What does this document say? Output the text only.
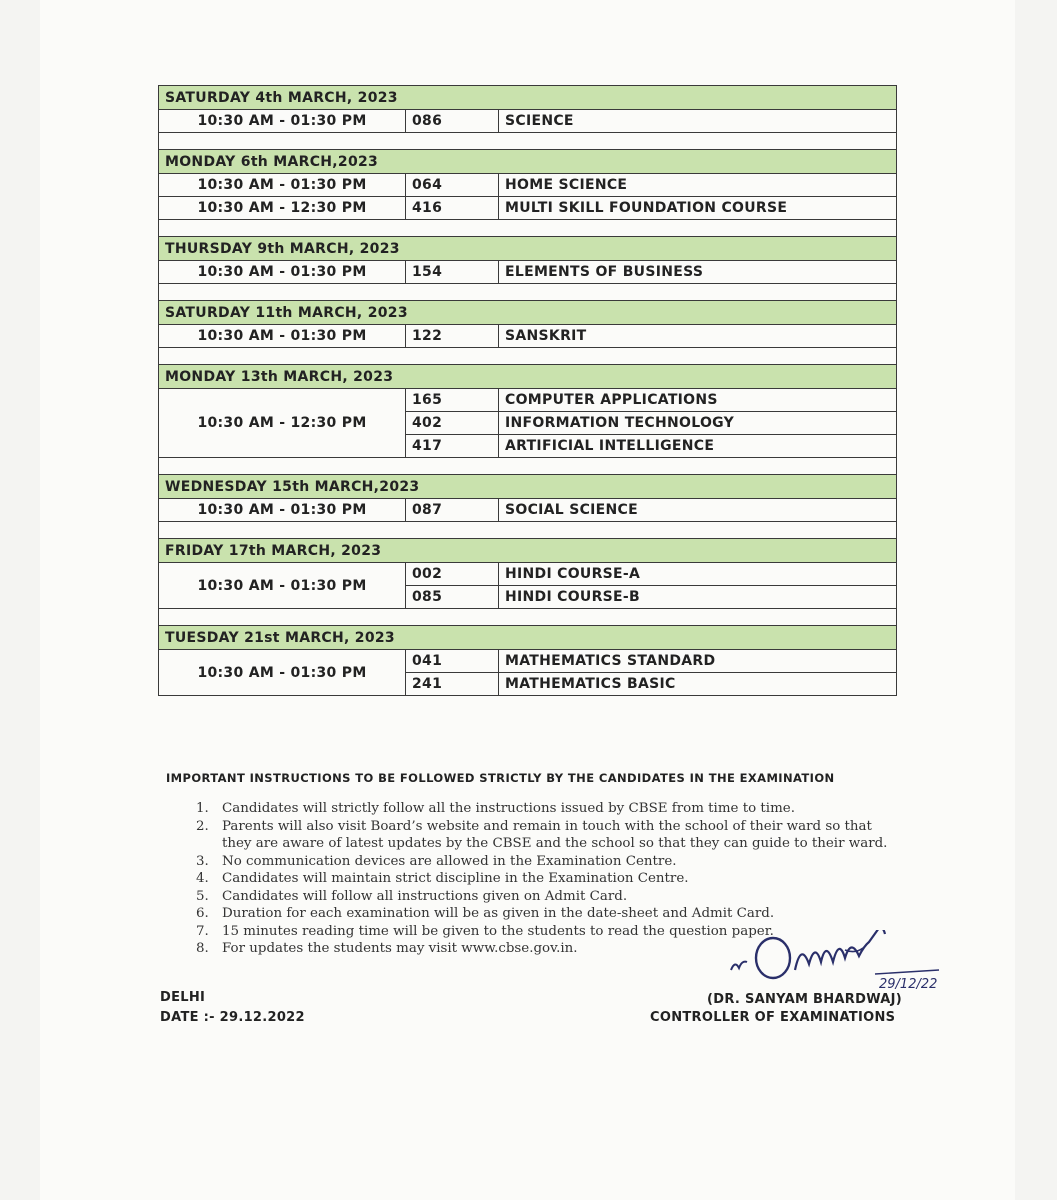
SATURDAY 4th MARCH, 2023		
10:30 AM - 01:30 PM	086	SCIENCE

MONDAY 6th MARCH,2023		
10:30 AM - 01:30 PM	064	HOME SCIENCE
10:30 AM - 12:30 PM	416	MULTI SKILL FOUNDATION COURSE

THURSDAY 9th MARCH, 2023		
10:30 AM - 01:30 PM	154	ELEMENTS OF BUSINESS

SATURDAY 11th MARCH, 2023		
10:30 AM - 01:30 PM	122	SANSKRIT

MONDAY 13th MARCH, 2023		
10:30 AM - 12:30 PM	165	COMPUTER APPLICATIONS
	402	INFORMATION TECHNOLOGY
	417	ARTIFICIAL INTELLIGENCE

WEDNESDAY 15th MARCH,2023		
10:30 AM - 01:30 PM	087	SOCIAL SCIENCE

FRIDAY 17th MARCH, 2023		
10:30 AM - 01:30 PM	002	HINDI COURSE-A
	085	HINDI COURSE-B

TUESDAY 21st MARCH, 2023		
10:30 AM - 01:30 PM	041	MATHEMATICS STANDARD
	241	MATHEMATICS BASIC
IMPORTANT INSTRUCTIONS TO BE FOLLOWED STRICTLY BY THE CANDIDATES IN THE EXAMINATION
1. Candidates will strictly follow all the instructions issued by CBSE from time to time.
2. Parents will also visit Board’s website and remain in touch with the school of their ward so that
they are aware of latest updates by the CBSE and the school so that they can guide to their ward.
3. No communication devices are allowed in the Examination Centre.
4. Candidates will maintain strict discipline in the Examination Centre.
5. Candidates will follow all instructions given on Admit Card.
6. Duration for each examination will be as given in the date-sheet and Admit Card.
7. 15 minutes reading time will be given to the students to read the question paper.
8. For updates the students may visit www.cbse.gov.in.
DELHI
DATE :- 29.12.2022
(DR. SANYAM BHARDWAJ)
CONTROLLER OF EXAMINATIONS
29/12/22
